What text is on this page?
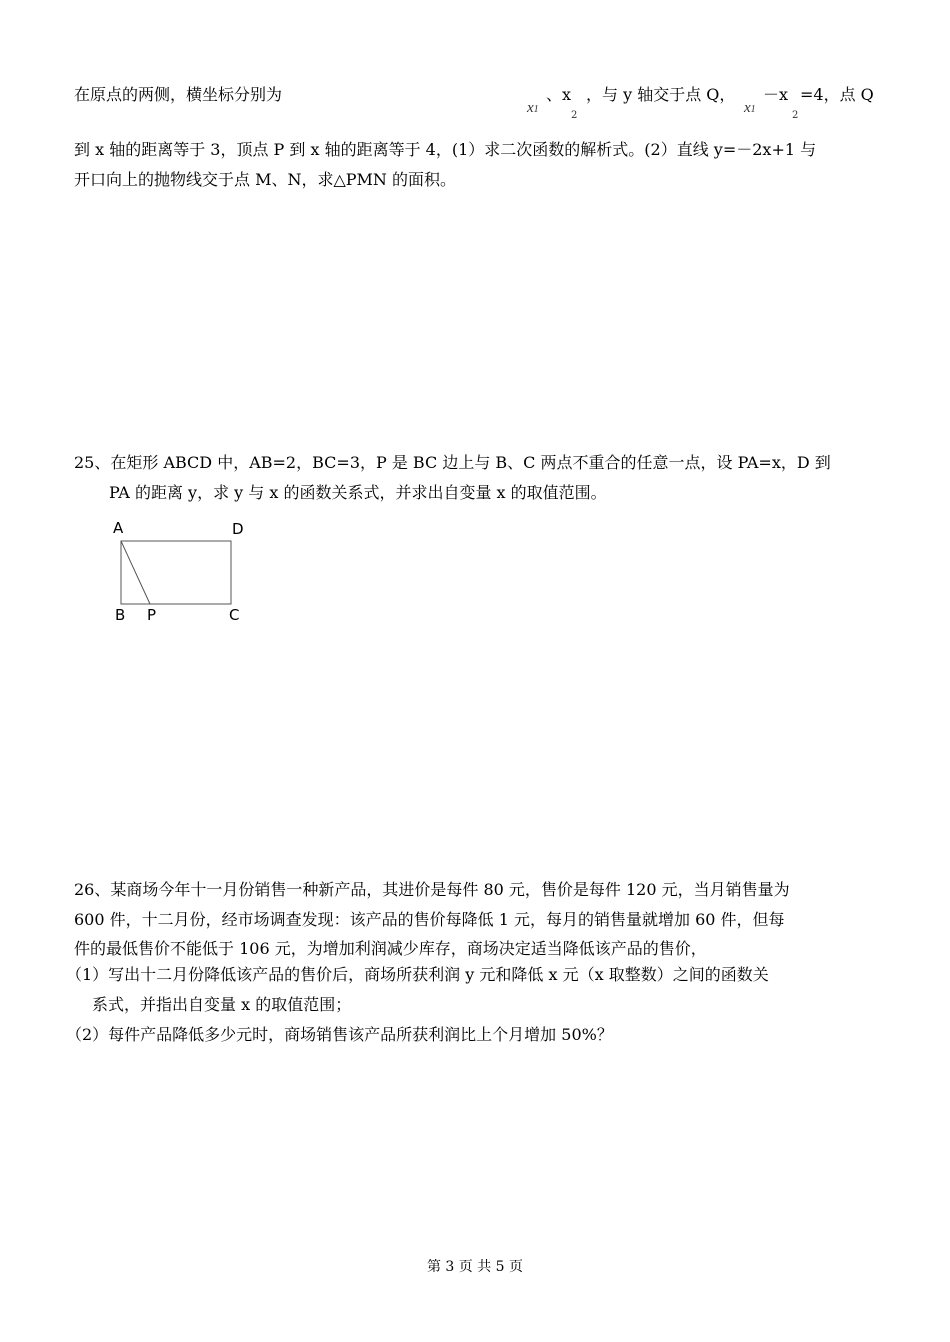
在原点的两侧，横坐标分别为
x1
、x
2
，与 y 轴交于点 Q，
x1
－x
2
=4，点 Q
到 x 轴的距离等于 3，顶点 P 到 x 轴的距离等于 4，(1）求二次函数的解析式。(2）直线 y=－2x+1 与
开口向上的抛物线交于点 M、N，求△PMN 的面积。
25、在矩形 ABCD 中，AB=2，BC=3，P 是 BC 边上与 B、C 两点不重合的任意一点，设 PA=x，D 到
PA 的距离 y，求 y 与 x 的函数关系式，并求出自变量 x 的取值范围。
A	D
B P	C
26、某商场今年十一月份销售一种新产品，其进价是每件 80 元，售价是每件 120 元，当月销售量为
600 件，十二月份，经市场调查发现：该产品的售价每降低 1 元，每月的销售量就增加 60 件，但每
件的最低售价不能低于 106 元，为增加利润减少库存，商场决定适当降低该产品的售价，
（1）写出十二月份降低该产品的售价后，商场所获利润 y 元和降低 x 元（x 取整数）之间的函数关
系式，并指出自变量 x 的取值范围；
（2）每件产品降低多少元时，商场销售该产品所获利润比上个月增加 50%？
第 3 页 共 5 页
